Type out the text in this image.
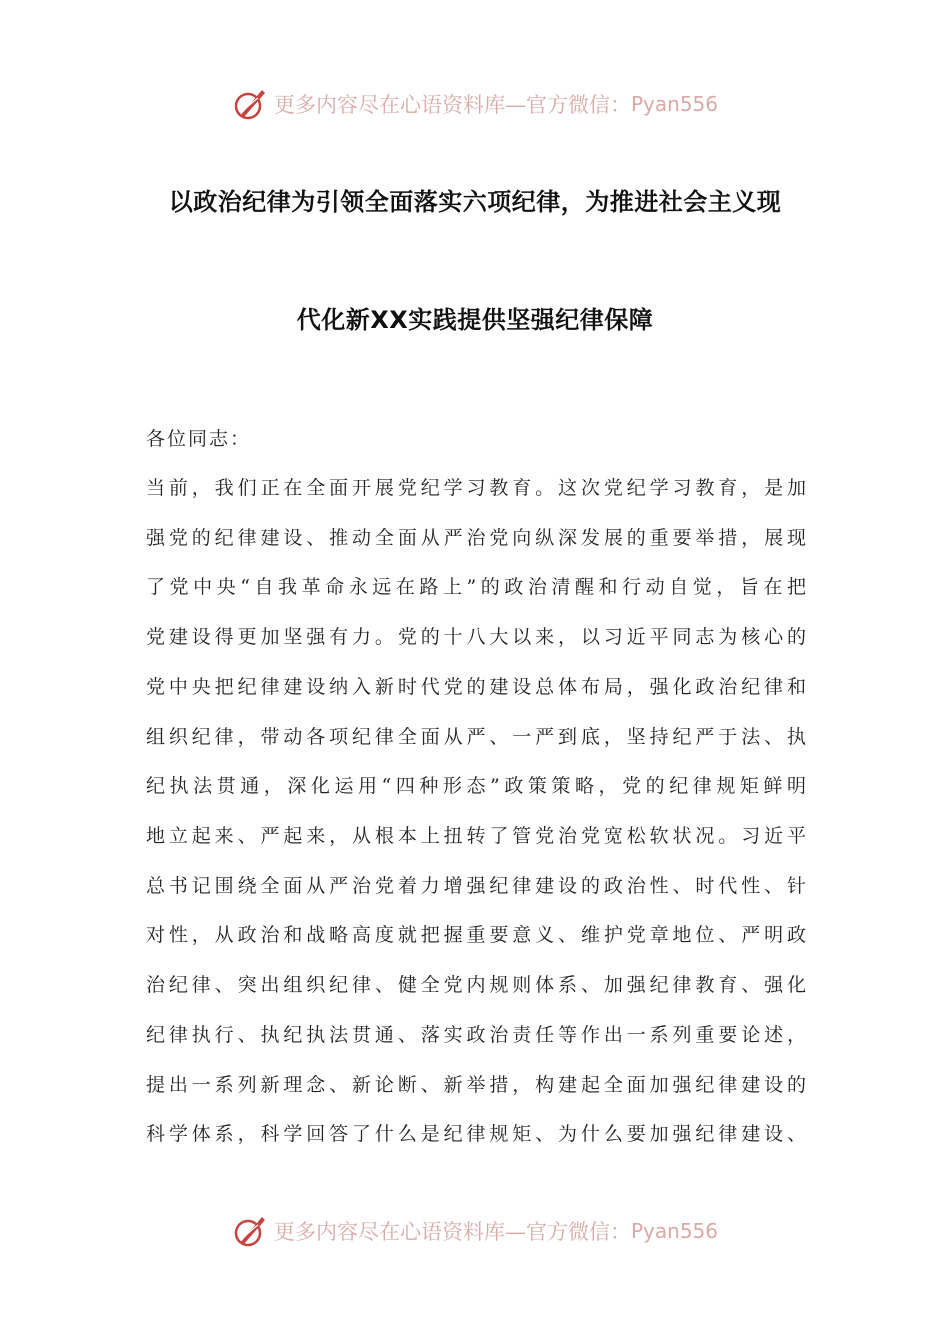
更多内容尽在心语资料库—官方微信： Pyan556
以政治纪律为引领全面落实六项纪律，为推进社会主义现
代化新XX实践提供坚强纪律保障
各位同志：
当前，我们正在全面开展党纪学习教育。这次党纪学习教育，是加
强党的纪律建设、推动全面从严治党向纵深发展的重要举措，展现
了党中央“自我革命永远在路上”的政治清醒和行动自觉，旨在把
党建设得更加坚强有力。党的十八大以来，以习近平同志为核心的
党中央把纪律建设纳入新时代党的建设总体布局，强化政治纪律和
组织纪律，带动各项纪律全面从严、一严到底，坚持纪严于法、执
纪执法贯通，深化运用“四种形态”政策策略，党的纪律规矩鲜明
地立起来、严起来，从根本上扭转了管党治党宽松软状况。习近平
总书记围绕全面从严治党着力增强纪律建设的政治性、时代性、针
对性，从政治和战略高度就把握重要意义、维护党章地位、严明政
治纪律、突出组织纪律、健全党内规则体系、加强纪律教育、强化
纪律执行、执纪执法贯通、落实政治责任等作出一系列重要论述，
提出一系列新理念、新论断、新举措，构建起全面加强纪律建设的
科学体系，科学回答了什么是纪律规矩、为什么要加强纪律建设、
更多内容尽在心语资料库—官方微信： Pyan556
